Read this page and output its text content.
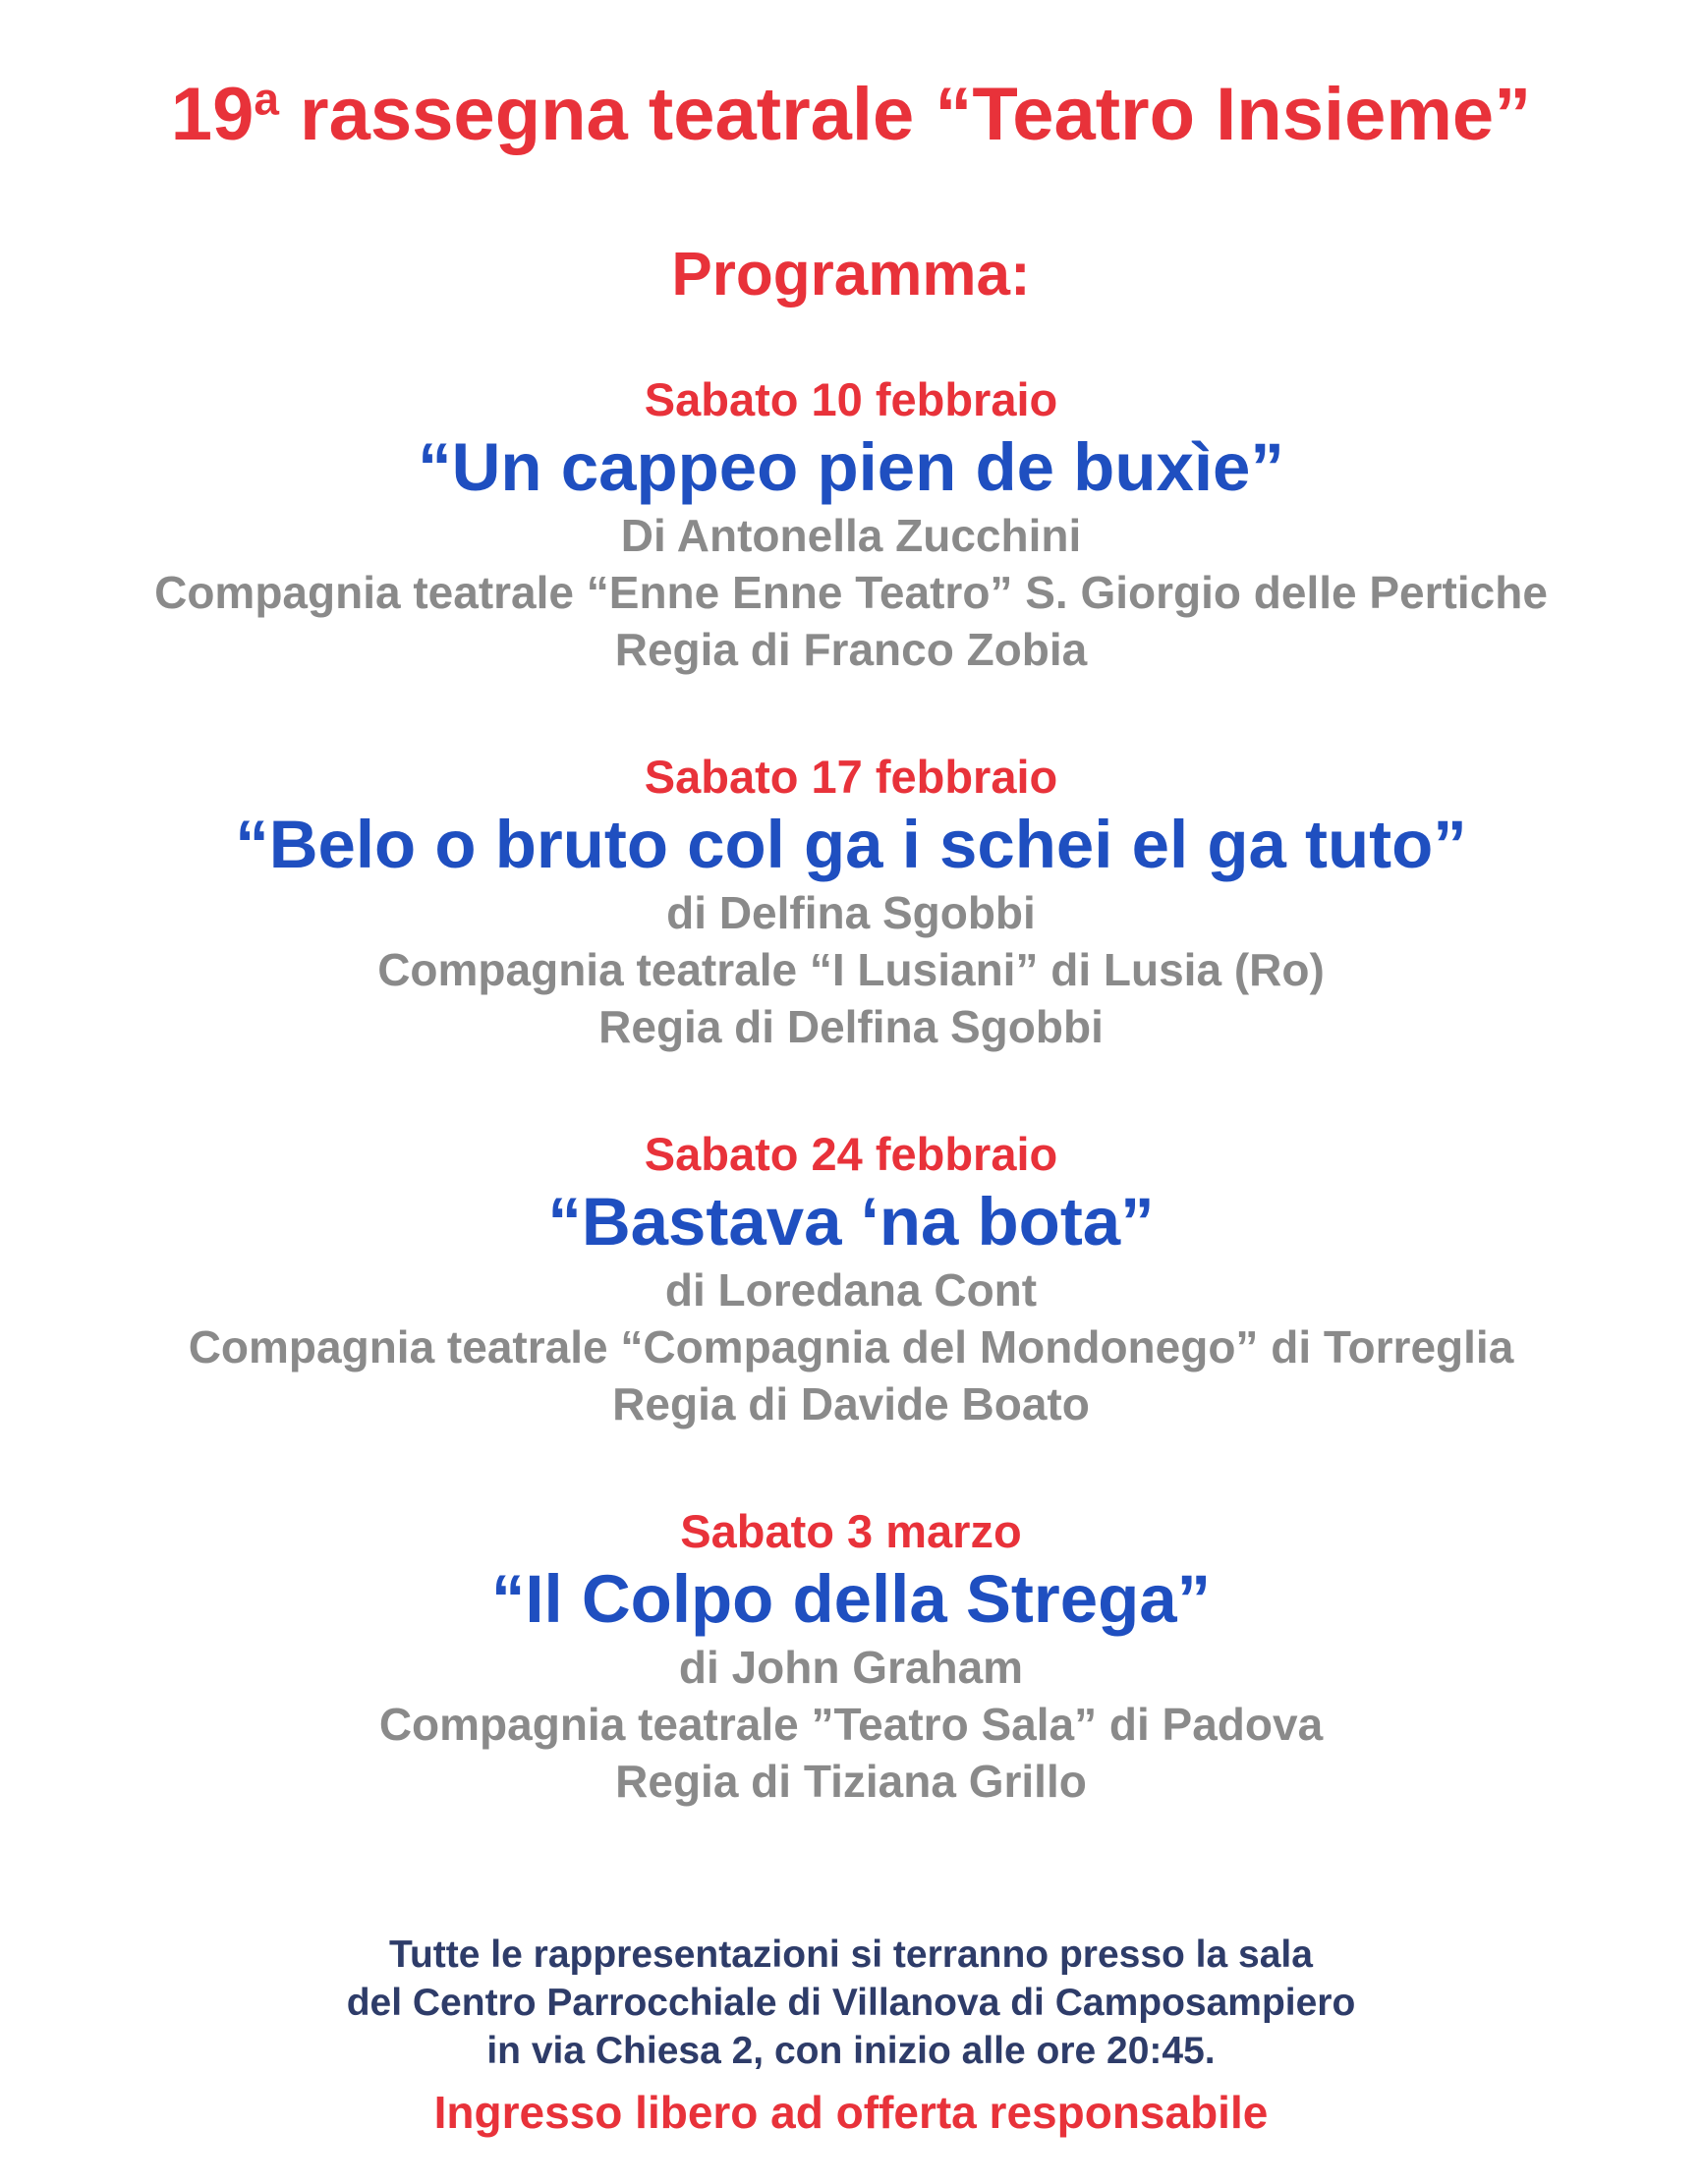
19$^a$ rassegna teatrale “Teatro Insieme”
Programma:

Sabato 10 febbraio

“Un cappeo pien de buxìe”

Di Antonella Zucchini

Compagnia teatrale “Enne Enne Teatro” S. Giorgio delle Pertiche

Regia di Franco Zobia

Sabato 17 febbraio

“Belo o bruto col ga i schei el ga tuto”

di Delfina Sgobbi

Compagnia teatrale “I Lusiani” di Lusia (Ro)

Regia di Delfina Sgobbi

Sabato 24 febbraio

“Bastava ‘na bota”

di Loredana Cont

Compagnia teatrale “Compagnia del Mondonego” di Torreglia

Regia di Davide Boato

Sabato 3 marzo

“Il Colpo della Strega”

di John Graham

Compagnia teatrale ”Teatro Sala” di Padova

Regia di Tiziana Grillo

Tutte le rappresentazioni si terranno presso la sala

del Centro Parrocchiale di Villanova di Camposampiero

in via Chiesa 2, con inizio alle ore 20:45.

Ingresso libero ad offerta responsabile
